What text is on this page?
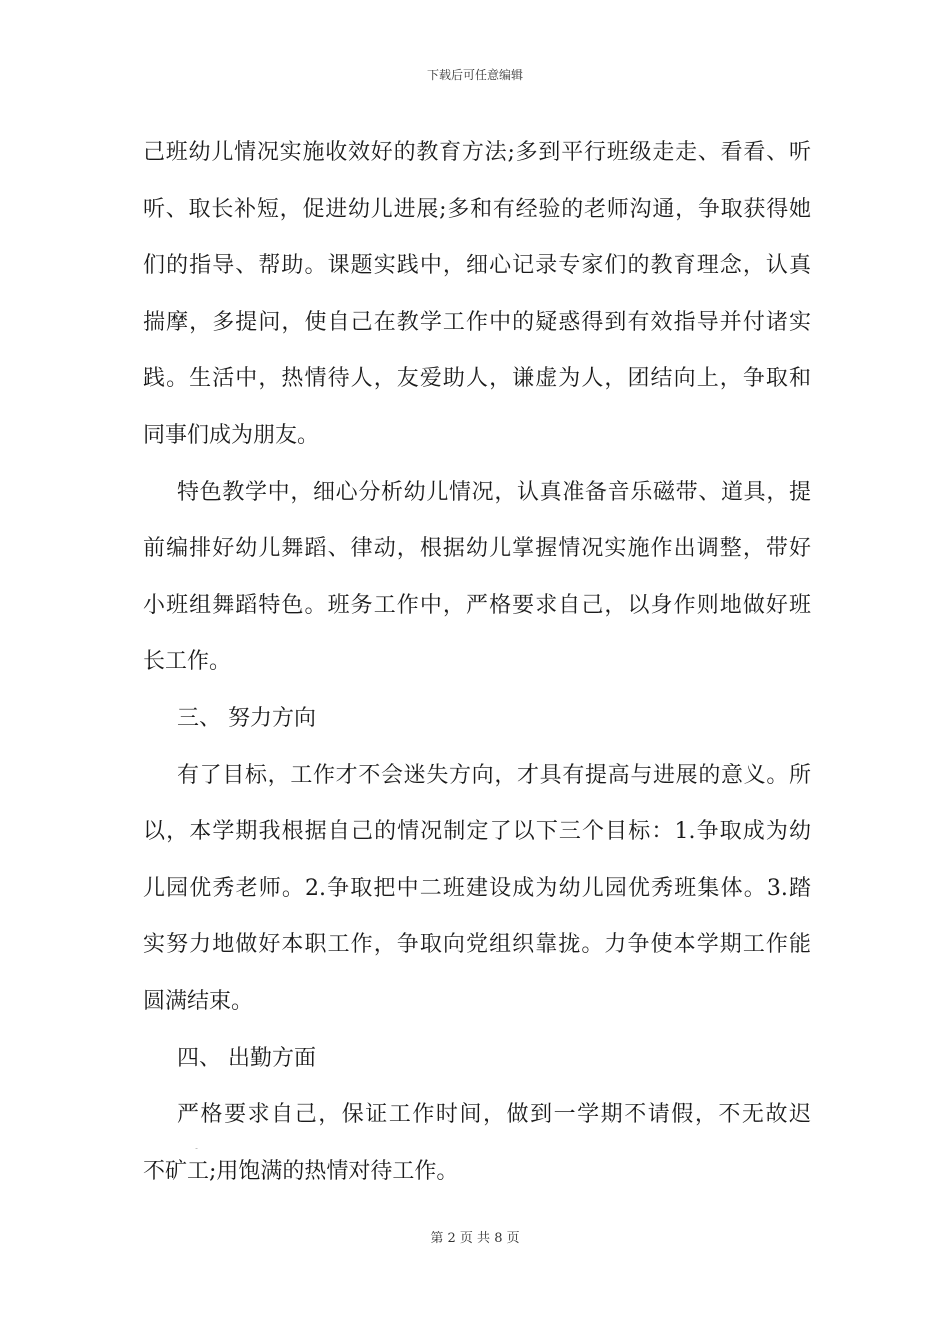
下载后可任意编辑
己班幼儿情况实施收效好的教育方法;多到平行班级走走、看看、听
听、取长补短，促进幼儿进展;多和有经验的老师沟通，争取获得她
们的指导、帮助。课题实践中，细心记录专家们的教育理念，认真
揣摩，多提问，使自己在教学工作中的疑惑得到有效指导并付诸实
践。生活中，热情待人，友爱助人，谦虚为人，团结向上，争取和
同事们成为朋友。
特色教学中，细心分析幼儿情况，认真准备音乐磁带、道具，提
前编排好幼儿舞蹈、律动，根据幼儿掌握情况实施作出调整，带好
小班组舞蹈特色。班务工作中，严格要求自己，以身作则地做好班
长工作。
三、 努力方向
有了目标，工作才不会迷失方向，才具有提高与进展的意义。所
以，本学期我根据自己的情况制定了以下三个目标：1.争取成为幼
儿园优秀老师。2.争取把中二班建设成为幼儿园优秀班集体。3.踏
实努力地做好本职工作，争取向党组织靠拢。力争使本学期工作能
圆满结束。
四、 出勤方面
严格要求自己，保证工作时间，做到一学期不请假，不无故迟
不矿工;用饱满的热情对待工作。
第 2 页 共 8 页
